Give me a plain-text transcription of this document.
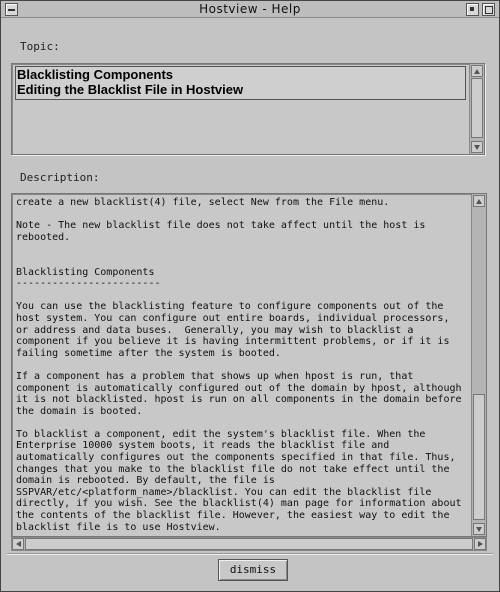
Hostview - Help
Topic:
Blacklisting Components
Editing the Blacklist File in Hostview
Description:
create a new blacklist(4) file, select New from the File menu.

Note - The new blacklist file does not take affect until the host is
rebooted.

Blacklisting Components
------------------------

You can use the blacklisting feature to configure components out of the
host system. You can configure out entire boards, individual processors,
or address and data buses.  Generally, you may wish to blacklist a
component if you believe it is having intermittent problems, or if it is
failing sometime after the system is booted.

If a component has a problem that shows up when hpost is run, that
component is automatically configured out of the domain by hpost, although
it is not blacklisted. hpost is run on all components in the domain before
the domain is booted.

To blacklist a component, edit the system's blacklist file. When the
Enterprise 10000 system boots, it reads the blacklist file and
automatically configures out the components specified in that file. Thus,
changes that you make to the blacklist file do not take effect until the
domain is rebooted. By default, the file is
SSPVAR/etc/<platform_name>/blacklist. You can edit the blacklist file
directly, if you wish. See the blacklist(4) man page for information about
the contents of the blacklist file. However, the easiest way to edit the
blacklist file is to use Hostview.
dismiss
